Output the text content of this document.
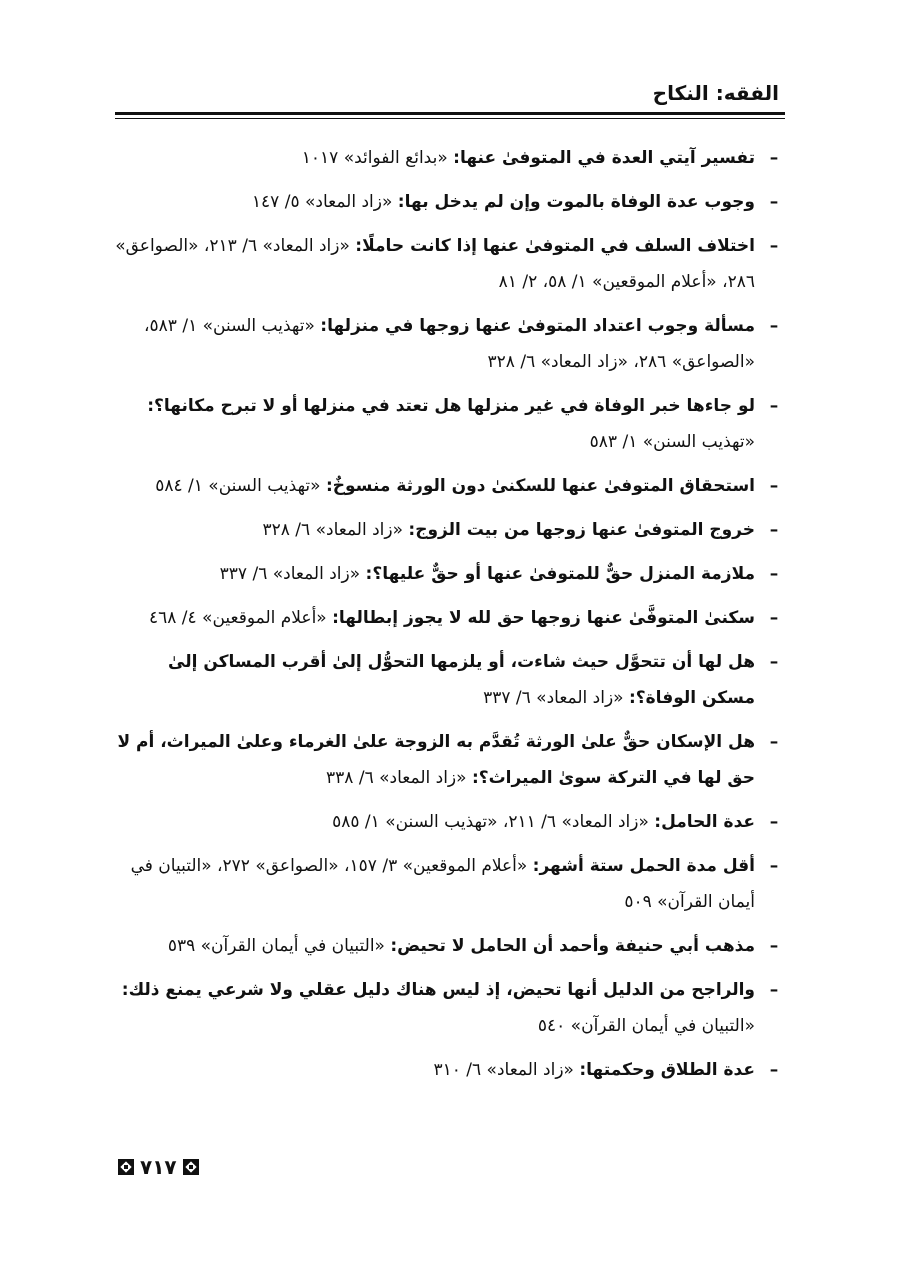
الفقه: النكاح
–
تفسير آيتي العدة في المتوفىٰ عنها: «بدائع الفوائد» ١٠١٧
–
وجوب عدة الوفاة بالموت وإن لم يدخل بها: «زاد المعاد» ٥/ ١٤٧
–
اختلاف السلف في المتوفىٰ عنها إذا كانت حاملًا: «زاد المعاد» ٦/ ٢١٣، «الصواعق» ٢٨٦، «أعلام الموقعين» ١/ ٥٨، ٢/ ٨١
–
مسألة وجوب اعتداد المتوفىٰ عنها زوجها في منزلها: «تهذيب السنن» ١/ ٥٨٣، «الصواعق» ٢٨٦، «زاد المعاد» ٦/ ٣٢٨
–
لو جاءها خبر الوفاة في غير منزلها هل تعتد في منزلها أو لا تبرح مكانها؟: «تهذيب السنن» ١/ ٥٨٣
–
استحقاق المتوفىٰ عنها للسكنىٰ دون الورثة منسوخٌ: «تهذيب السنن» ١/ ٥٨٤
–
خروج المتوفىٰ عنها زوجها من بيت الزوج: «زاد المعاد» ٦/ ٣٢٨
–
ملازمة المنزل حقٌّ للمتوفىٰ عنها أو حقٌّ عليها؟: «زاد المعاد» ٦/ ٣٣٧
–
سكنىٰ المتوفَّىٰ عنها زوجها حق لله لا يجوز إبطالها: «أعلام الموقعين» ٤/ ٤٦٨
–
هل لها أن تتحوَّل حيث شاءت، أو يلزمها التحوُّل إلىٰ أقرب المساكن إلىٰ مسكن الوفاة؟: «زاد المعاد» ٦/ ٣٣٧
–
هل الإسكان حقٌّ علىٰ الورثة تُقدَّم به الزوجة علىٰ الغرماء وعلىٰ الميراث، أم لا حق لها في التركة سوىٰ الميراث؟: «زاد المعاد» ٦/ ٣٣٨
–
عدة الحامل: «زاد المعاد» ٦/ ٢١١، «تهذيب السنن» ١/ ٥٨٥
–
أقل مدة الحمل ستة أشهر: «أعلام الموقعين» ٣/ ١٥٧، «الصواعق» ٢٧٢، «التبيان في أيمان القرآن» ٥٠٩
–
مذهب أبي حنيفة وأحمد أن الحامل لا تحيض: «التبيان في أيمان القرآن» ٥٣٩
–
والراجح من الدليل أنها تحيض، إذ ليس هناك دليل عقلي ولا شرعي يمنع ذلك: «التبيان في أيمان القرآن» ٥٤٠
–
عدة الطلاق وحكمتها: «زاد المعاد» ٦/ ٣١٠
٧١٧
